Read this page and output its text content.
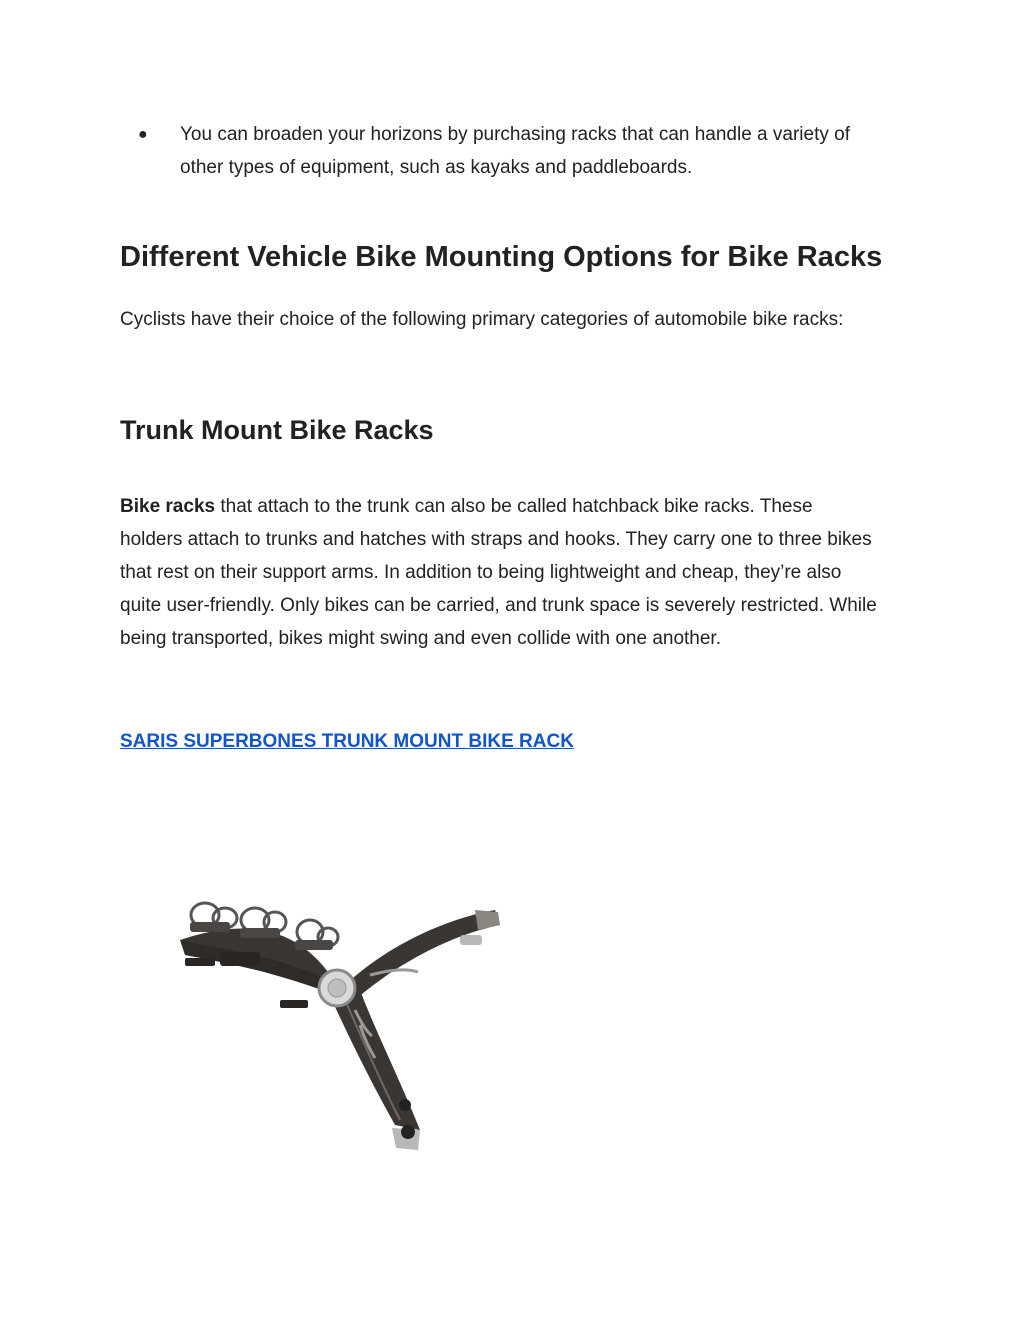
●	You can broaden your horizons by purchasing racks that can handle a variety of other types of equipment, such as kayaks and paddleboards.
Different Vehicle Bike Mounting Options for Bike Racks

Cyclists have their choice of the following primary categories of automobile bike racks:

Trunk Mount Bike Racks

Bike racks that attach to the trunk can also be called hatchback bike racks. These holders attach to trunks and hatches with straps and hooks. They carry one to three bikes that rest on their support arms. In addition to being lightweight and cheap, they’re also quite user-friendly. Only bikes can be carried, and trunk space is severely restricted. While being transported, bikes might swing and even collide with one another.

SARIS SUPERBONES TRUNK MOUNT BIKE RACK
